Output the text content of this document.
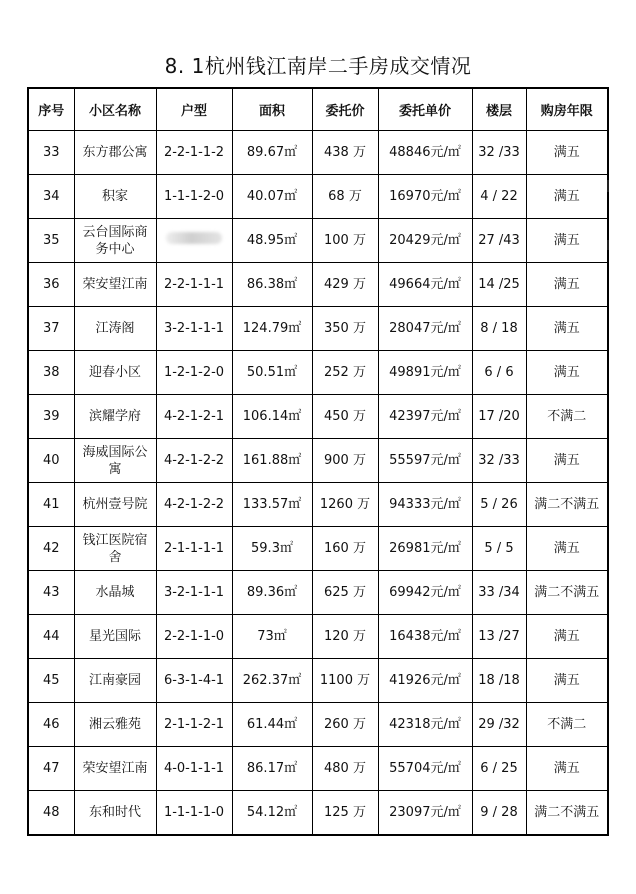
8. 1杭州钱江南岸二手房成交情况
序号	小区名称	户型	面积	委托价	委托单价	楼层	购房年限
33	东方郡公寓	2-2-1-1-2	89.67㎡	438 万	48846元/㎡	32 /33	满五
34	积家	1-1-1-2-0	40.07㎡	68 万	16970元/㎡	4 / 22	满五
35	云台国际商务中心		48.95㎡	100 万	20429元/㎡	27 /43	满五
36	荣安望江南	2-2-1-1-1	86.38㎡	429 万	49664元/㎡	14 /25	满五
37	江涛阁	3-2-1-1-1	124.79㎡	350 万	28047元/㎡	8 / 18	满五
38	迎春小区	1-2-1-2-0	50.51㎡	252 万	49891元/㎡	6 / 6	满五
39	滨耀学府	4-2-1-2-1	106.14㎡	450 万	42397元/㎡	17 /20	不满二
40	海威国际公寓	4-2-1-2-2	161.88㎡	900 万	55597元/㎡	32 /33	满五
41	杭州壹号院	4-2-1-2-2	133.57㎡	1260 万	94333元/㎡	5 / 26	满二不满五
42	钱江医院宿舍	2-1-1-1-1	59.3㎡	160 万	26981元/㎡	5 / 5	满五
43	水晶城	3-2-1-1-1	89.36㎡	625 万	69942元/㎡	33 /34	满二不满五
44	星光国际	2-2-1-1-0	73㎡	120 万	16438元/㎡	13 /27	满五
45	江南豪园	6-3-1-4-1	262.37㎡	1100 万	41926元/㎡	18 /18	满五
46	湘云雅苑	2-1-1-2-1	61.44㎡	260 万	42318元/㎡	29 /32	不满二
47	荣安望江南	4-0-1-1-1	86.17㎡	480 万	55704元/㎡	6 / 25	满五
48	东和时代	1-1-1-1-0	54.12㎡	125 万	23097元/㎡	9 / 28	满二不满五
